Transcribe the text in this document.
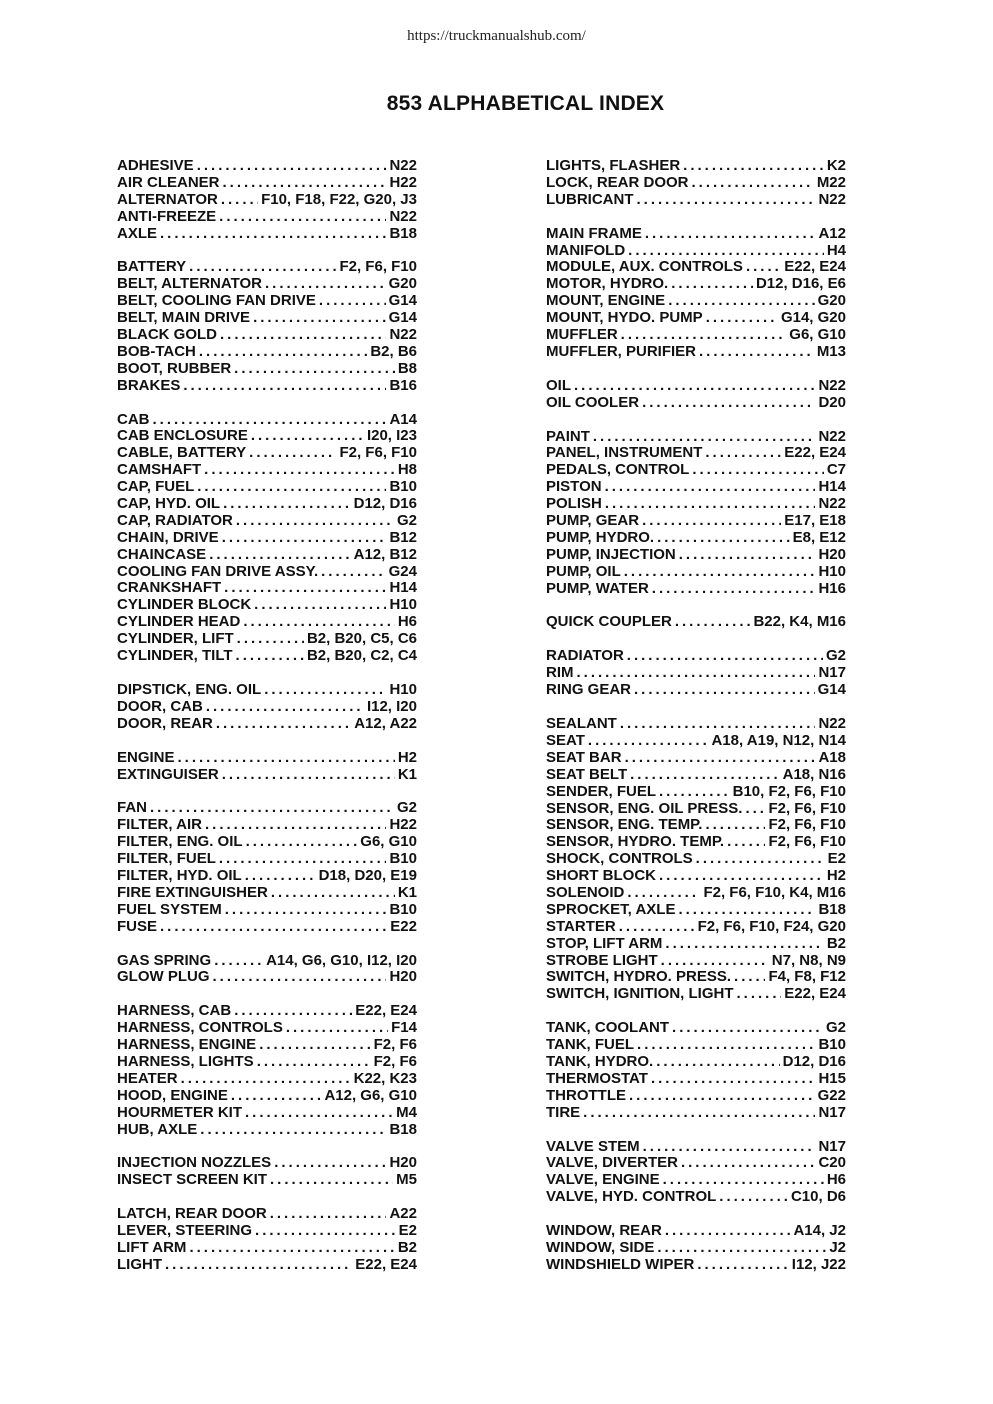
https://truckmanualshub.com/
853 ALPHABETICAL INDEX
ADHESIVE .....	N22
AIR CLEANER .....	H22
ALTERNATOR .....	F10, F18, F22, G20, J3
ANTI-FREEZE .....	N22
AXLE .....	B18
BATTERY .....	F2, F6, F10
BELT, ALTERNATOR .....	G20
BELT, COOLING FAN DRIVE .....	G14
BELT, MAIN DRIVE .....	G14
BLACK GOLD .....	N22
BOB-TACH .....	B2, B6
BOOT, RUBBER .....	B8
BRAKES .....	B16
CAB .....	A14
CAB ENCLOSURE .....	I20, I23
CABLE, BATTERY .....	F2, F6, F10
CAMSHAFT .....	H8
CAP, FUEL .....	B10
CAP, HYD. OIL .....	D12, D16
CAP, RADIATOR .....	G2
CHAIN, DRIVE .....	B12
CHAINCASE .....	A12, B12
COOLING FAN DRIVE ASSY. .....	G24
CRANKSHAFT .....	H14
CYLINDER BLOCK .....	H10
CYLINDER HEAD .....	H6
CYLINDER, LIFT .....	B2, B20, C5, C6
CYLINDER, TILT .....	B2, B20, C2, C4
DIPSTICK, ENG. OIL .....	H10
DOOR, CAB .....	I12, I20
DOOR, REAR .....	A12, A22
ENGINE .....	H2
EXTINGUISER .....	K1
FAN .....	G2
FILTER, AIR .....	H22
FILTER, ENG. OIL .....	G6, G10
FILTER, FUEL .....	B10
FILTER, HYD. OIL .....	D18, D20, E19
FIRE EXTINGUISHER .....	K1
FUEL SYSTEM .....	B10
FUSE .....	E22
GAS SPRING .....	A14, G6, G10, I12, I20
GLOW PLUG .....	H20
HARNESS, CAB .....	E22, E24
HARNESS, CONTROLS .....	F14
HARNESS, ENGINE .....	F2, F6
HARNESS, LIGHTS .....	F2, F6
HEATER .....	K22, K23
HOOD, ENGINE .....	A12, G6, G10
HOURMETER KIT .....	M4
HUB, AXLE .....	B18
INJECTION NOZZLES .....	H20
INSECT SCREEN KIT .....	M5
LATCH, REAR DOOR .....	A22
LEVER, STEERING .....	E2
LIFT ARM .....	B2
LIGHT .....	E22, E24
LIGHTS, FLASHER .....	K2
LOCK, REAR DOOR .....	M22
LUBRICANT .....	N22
MAIN FRAME .....	A12
MANIFOLD .....	H4
MODULE, AUX. CONTROLS .....	E22, E24
MOTOR, HYDRO. .....	D12, D16, E6
MOUNT, ENGINE .....	G20
MOUNT, HYDO. PUMP .....	G14, G20
MUFFLER .....	G6, G10
MUFFLER, PURIFIER .....	M13
OIL .....	N22
OIL COOLER .....	D20
PAINT .....	N22
PANEL, INSTRUMENT .....	E22, E24
PEDALS, CONTROL .....	C7
PISTON .....	H14
POLISH .....	N22
PUMP, GEAR .....	E17, E18
PUMP, HYDRO. .....	E8, E12
PUMP, INJECTION .....	H20
PUMP, OIL .....	H10
PUMP, WATER .....	H16
QUICK COUPLER .....	B22, K4, M16
RADIATOR .....	G2
RIM .....	N17
RING GEAR .....	G14
SEALANT .....	N22
SEAT .....	A18, A19, N12, N14
SEAT BAR .....	A18
SEAT BELT .....	A18, N16
SENDER, FUEL .....	B10, F2, F6, F10
SENSOR, ENG. OIL PRESS. ..... F2, F6, F10
SENSOR, ENG. TEMP. .....	F2, F6, F10
SENSOR, HYDRO. TEMP. .....	F2, F6, F10
SHOCK, CONTROLS .....	E2
SHORT BLOCK .....	H2
SOLENOID .....	F2, F6, F10, K4, M16
SPROCKET, AXLE .....	B18
STARTER .....	F2, F6, F10, F24, G20
STOP, LIFT ARM .....	B2
STROBE LIGHT .....	N7, N8, N9
SWITCH, HYDRO. PRESS. ..... F4, F8, F12
SWITCH, IGNITION, LIGHT .....	E22, E24
TANK, COOLANT .....	G2
TANK, FUEL .....	B10
TANK, HYDRO. .....	D12, D16
THERMOSTAT .....	H15
THROTTLE .....	G22
TIRE .....	N17
VALVE STEM .....	N17
VALVE, DIVERTER .....	C20
VALVE, ENGINE .....	H6
VALVE, HYD. CONTROL .....	C10, D6
WINDOW, REAR .....	A14, J2
WINDOW, SIDE .....	J2
WINDSHIELD WIPER .....	I12, J22
